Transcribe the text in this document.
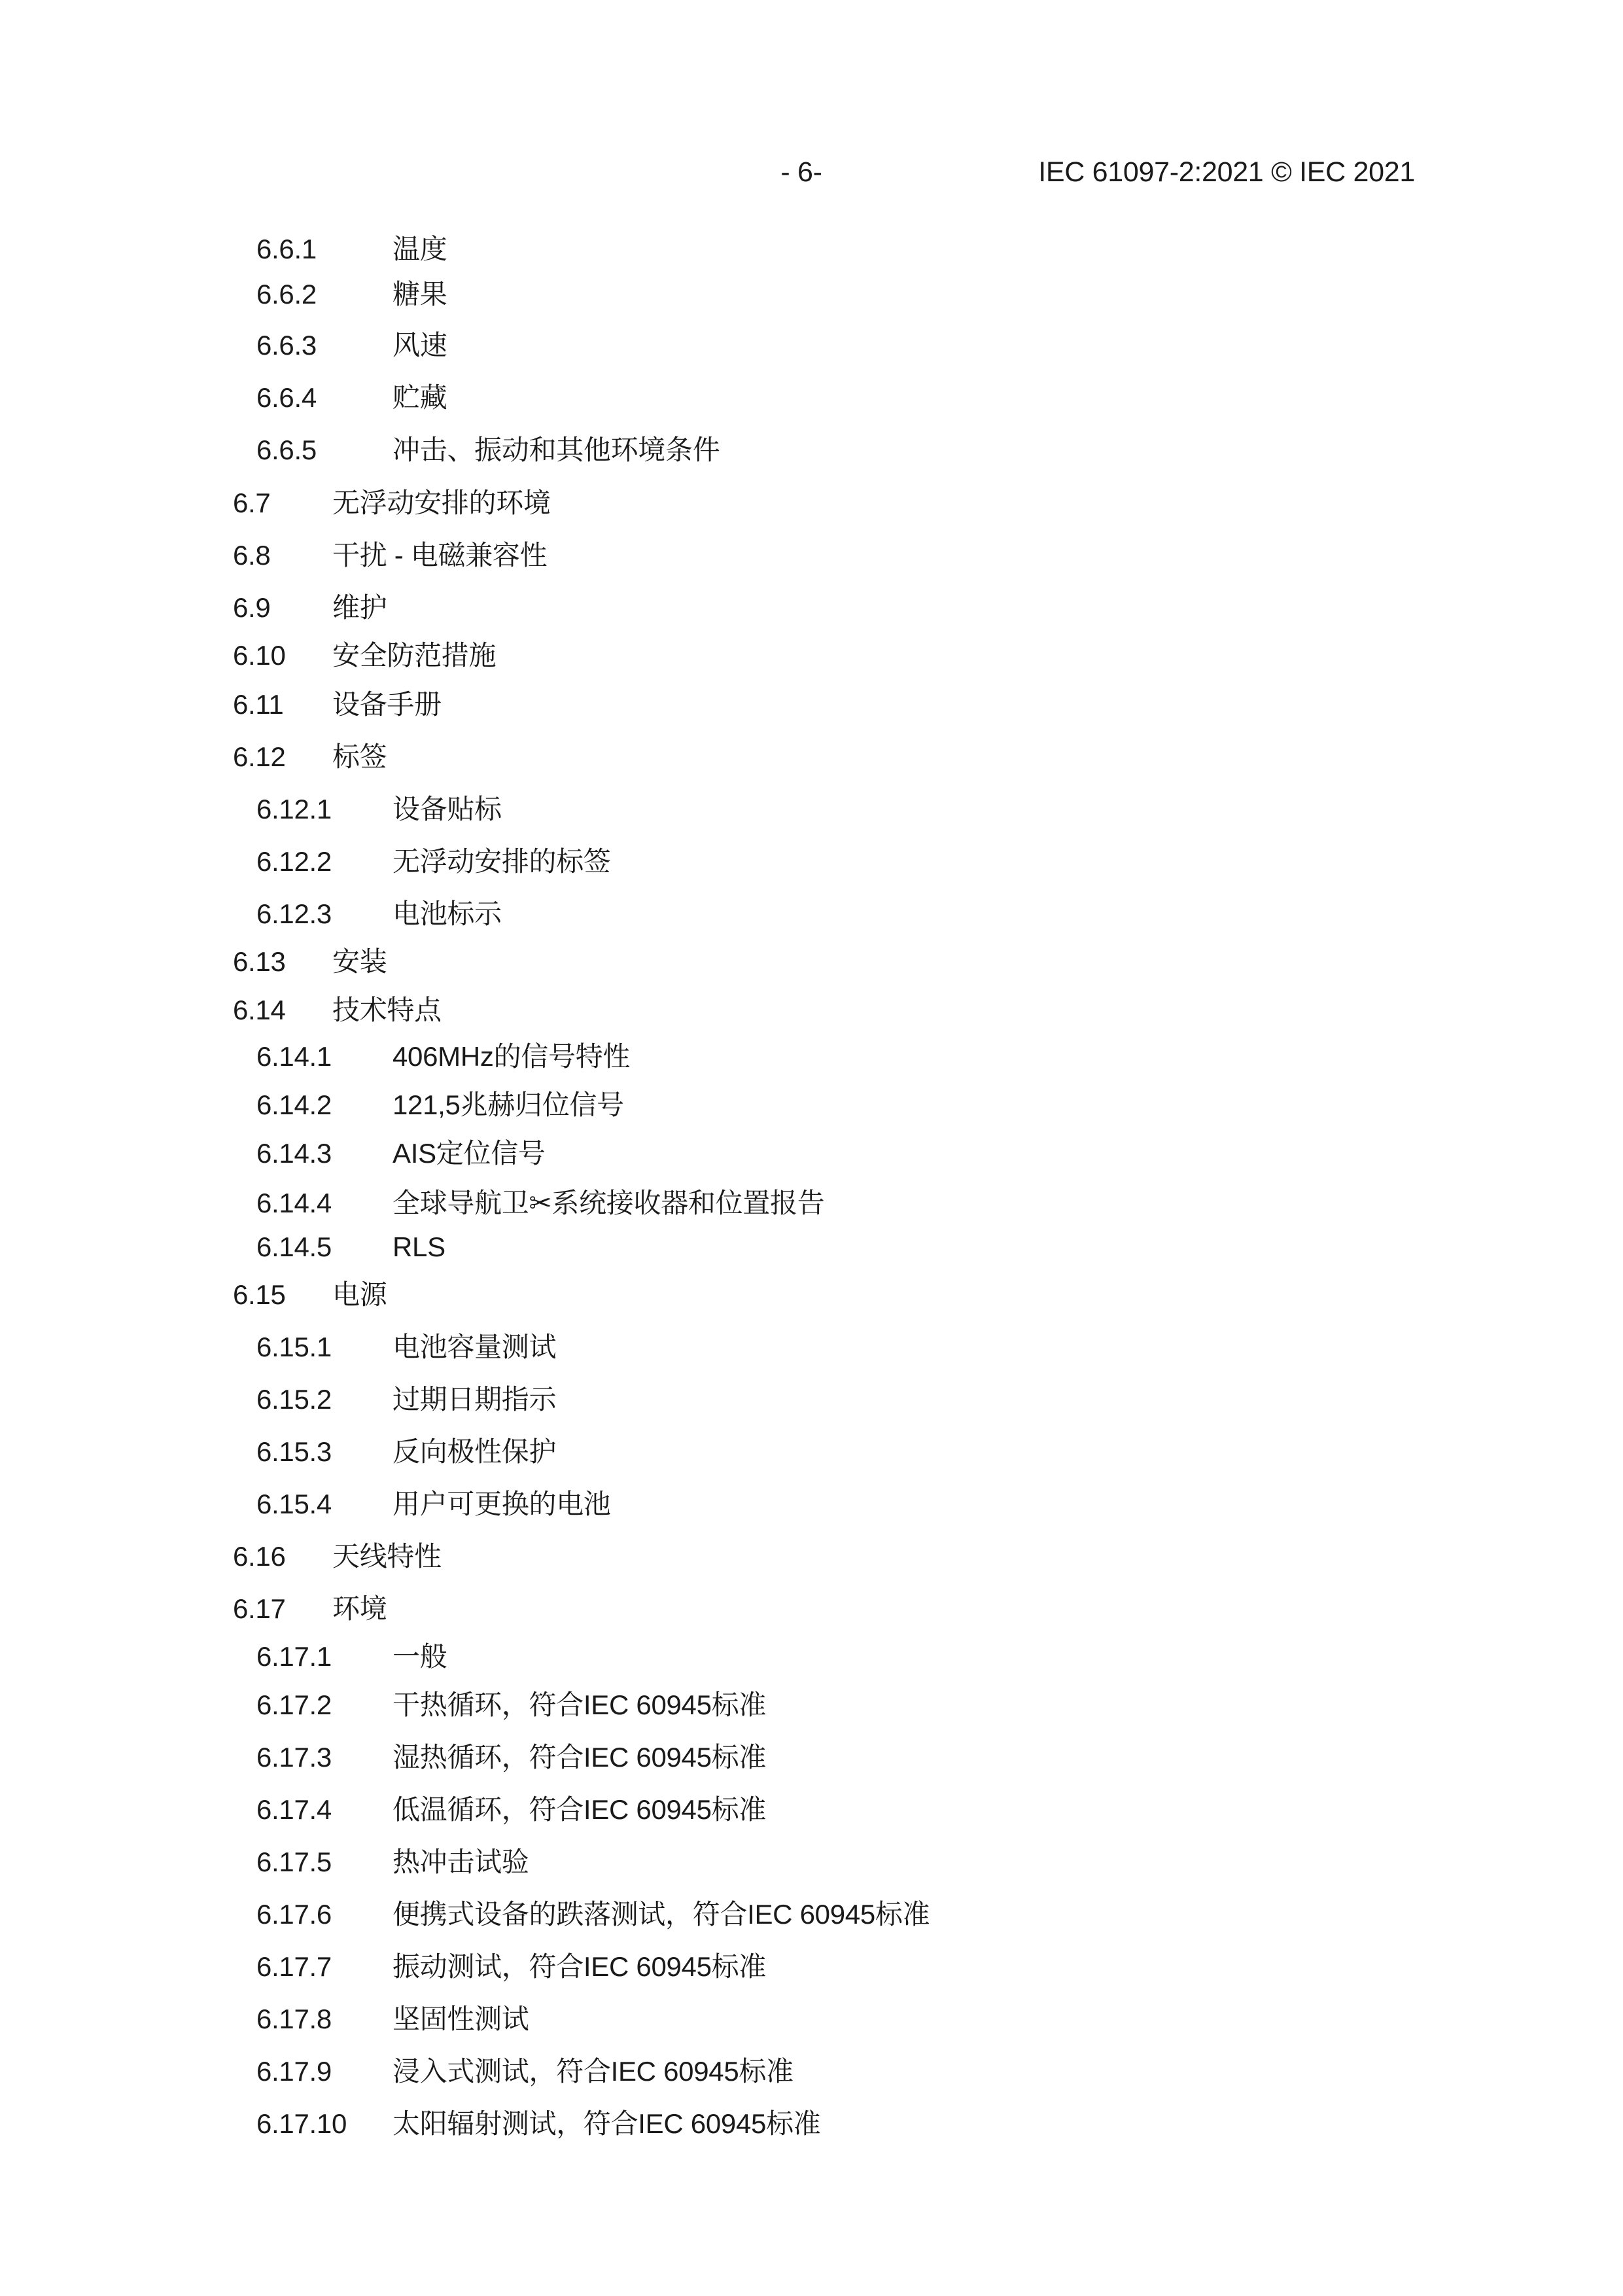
- 6-	IEC 61097-2:2021 © IEC 2021
6.6.1	温度
6.6.2	糖果
6.6.3	风速
6.6.4	贮藏
6.6.5	冲击、振动和其他环境条件
6.7 无浮动安排的环境
6.8 干扰 - 电磁兼容性
6.9 维护
6.10 安全防范措施
6.11 设备手册
6.12 标签
6.12.1 设备贴标
6.12.2 无浮动安排的标签
6.12.3 电池标示
6.13 安装
6.14 技术特点
6.14.1 406MHz的信号特性
6.14.2 121,5兆赫归位信号
6.14.3 AIS定位信号
6.14.4 全球导航卫✂系统接收器和位置报告
6.14.5 RLS
6.15 电源
6.15.1 电池容量测试
6.15.2 过期日期指示
6.15.3 反向极性保护
6.15.4 用户可更换的电池
6.16 天线特性
6.17 环境
6.17.1 一般
6.17.2 干热循环，符合IEC 60945标准
6.17.3 湿热循环，符合IEC 60945标准
6.17.4 低温循环，符合IEC 60945标准
6.17.5 热冲击试验
6.17.6 便携式设备的跌落测试，符合IEC 60945标准
6.17.7 振动测试，符合IEC 60945标准
6.17.8 坚固性测试
6.17.9 浸入式测试，符合IEC 60945标准
6.17.10 太阳辐射测试，符合IEC 60945标准
